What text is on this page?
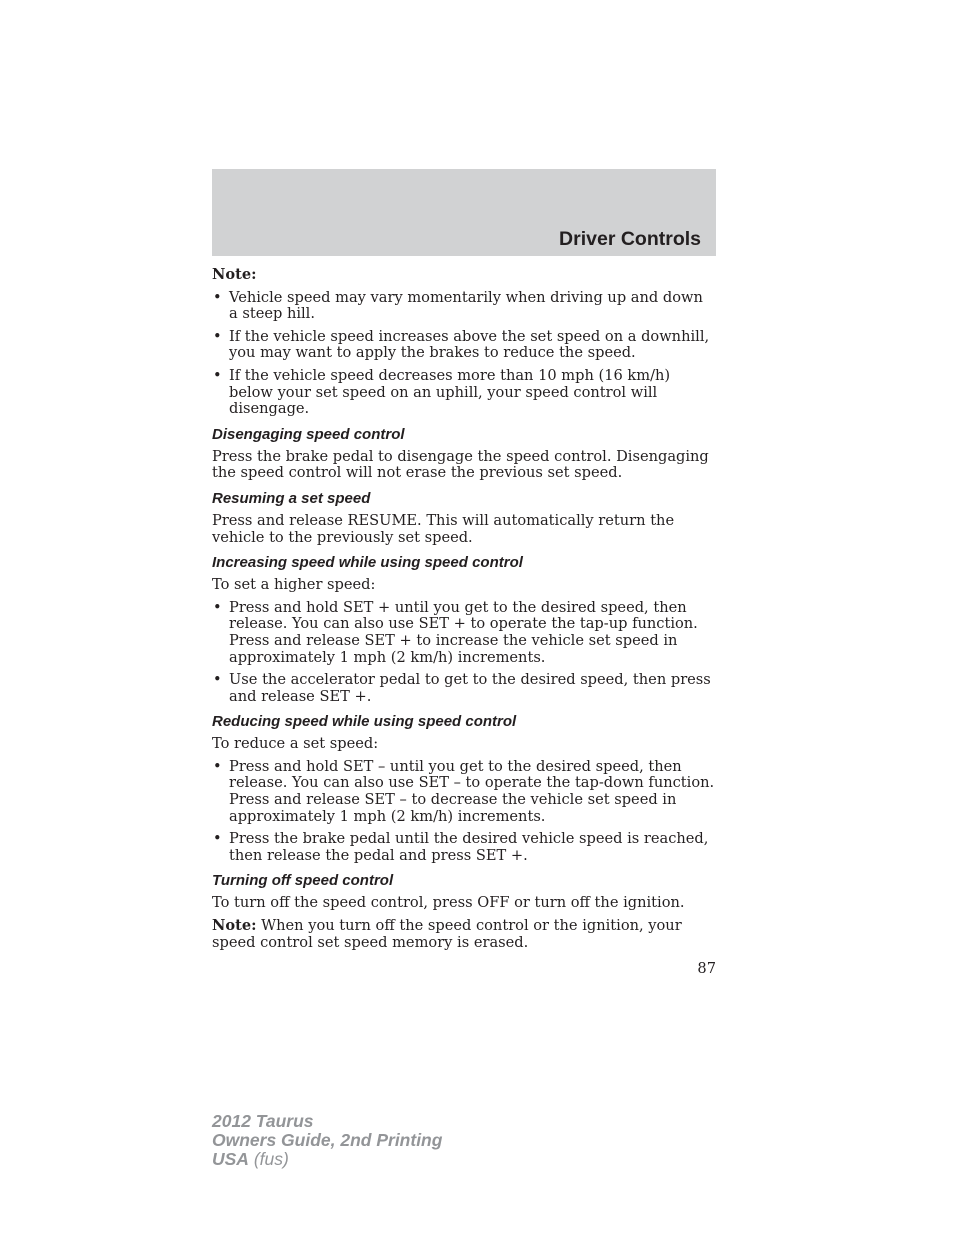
Driver Controls
Note:
• Vehicle speed may vary momentarily when driving up and down a steep hill.
• If the vehicle speed increases above the set speed on a downhill, you may want to apply the brakes to reduce the speed.
• If the vehicle speed decreases more than 10 mph (16 km/h) below your set speed on an uphill, your speed control will disengage.
Disengaging speed control
Press the brake pedal to disengage the speed control. Disengaging the speed control will not erase the previous set speed.
Resuming a set speed
Press and release RESUME. This will automatically return the vehicle to the previously set speed.
Increasing speed while using speed control
To set a higher speed:
• Press and hold SET + until you get to the desired speed, then release. You can also use SET + to operate the tap-up function. Press and release SET + to increase the vehicle set speed in approximately 1 mph (2 km/h) increments.
• Use the accelerator pedal to get to the desired speed, then press and release SET +.
Reducing speed while using speed control
To reduce a set speed:
• Press and hold SET – until you get to the desired speed, then release. You can also use SET – to operate the tap-down function. Press and release SET – to decrease the vehicle set speed in approximately 1 mph (2 km/h) increments.
• Press the brake pedal until the desired vehicle speed is reached, then release the pedal and press SET +.
Turning off speed control
To turn off the speed control, press OFF or turn off the ignition.
Note: When you turn off the speed control or the ignition, your speed control set speed memory is erased.
87
2012 Taurus
Owners Guide, 2nd Printing
USA (fus)
